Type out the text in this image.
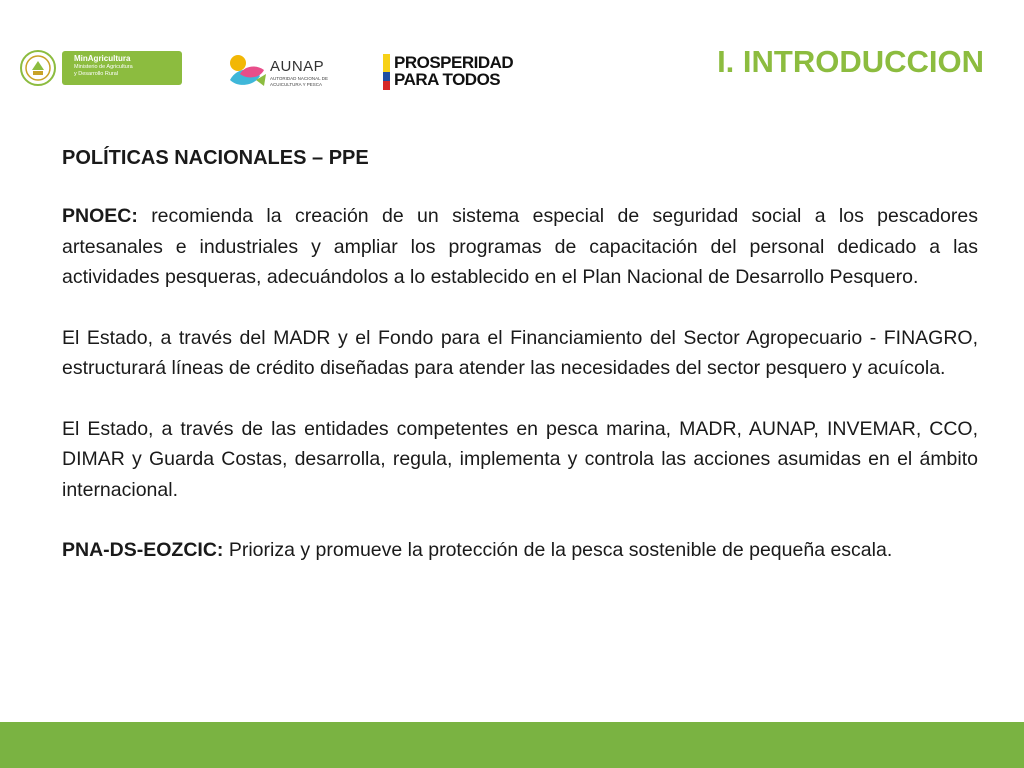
MinAgricultura
Ministerio de Agricultura
y Desarrollo Rural	AUNAP
AUTORIDAD NACIONAL DE ACUICULTURA Y PESCA
PROSPERIDAD
PARA TODOS
I. INTRODUCCION
POLÍTICAS NACIONALES – PPE

PNOEC: recomienda la creación de un sistema especial de seguridad social a los pescadores artesanales e industriales y ampliar los programas de capacitación del personal dedicado a las actividades pesqueras, adecuándolos a lo establecido en el Plan Nacional de Desarrollo Pesquero.

El Estado, a través del MADR y el Fondo para el Financiamiento del Sector Agropecuario - FINAGRO, estructurará líneas de crédito diseñadas para atender las necesidades del sector pesquero y acuícola.

El Estado, a través de las entidades competentes en pesca marina, MADR, AUNAP, INVEMAR, CCO, DIMAR y Guarda Costas, desarrolla, regula, implementa y controla las acciones asumidas en el ámbito internacional.

PNA-DS-EOZCIC: Prioriza y promueve la protección de la pesca sostenible de pequeña escala.
